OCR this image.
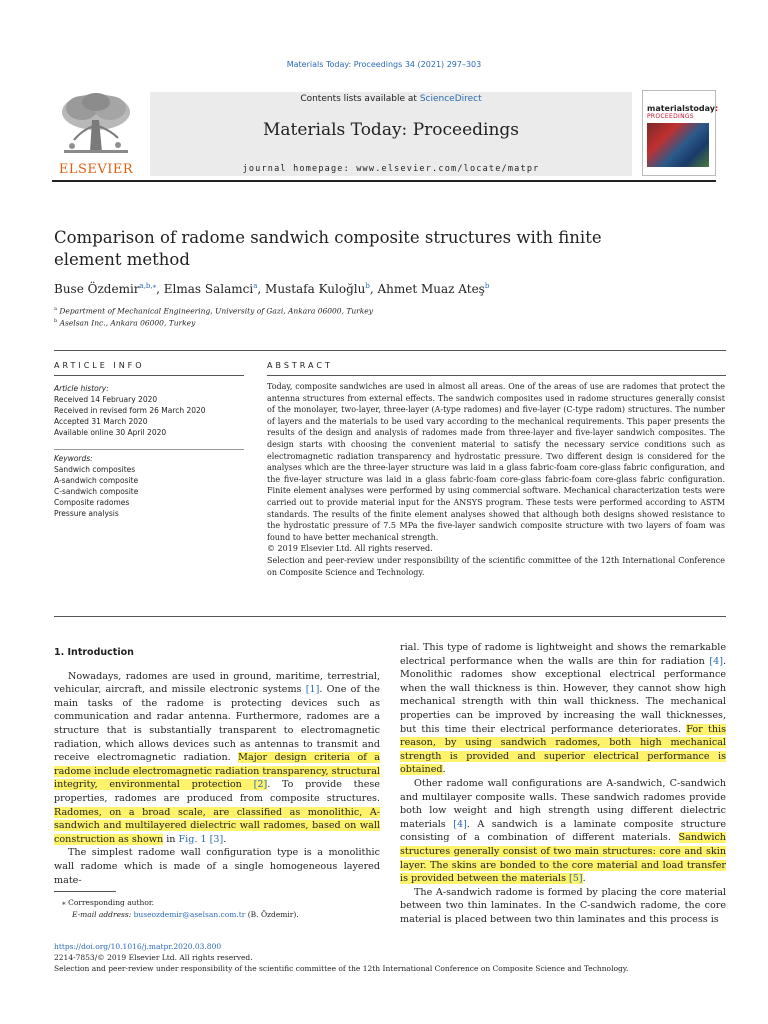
Materials Today: Proceedings 34 (2021) 297–303
ELSEVIER
Contents lists available at ScienceDirect
Materials Today: Proceedings
journal homepage: www.elsevier.com/locate/matpr
materialstoday:
PROCEEDINGS
Comparison of radome sandwich composite structures with finite element method
Buse Özdemir$^{a,b,⁎}$, Elmas Salamci$^a$, Mustafa Kuloğlu$^b$, Ahmet Muaz Ateş$^b$
$^a$ Department of Mechanical Engineering, University of Gazi, Ankara 06000, Turkey
$^b$ Aselsan Inc., Ankara 06000, Turkey
ARTICLE INFO	ABSTRACT
Article history:
Received 14 February 2020
Received in revised form 26 March 2020
Accepted 31 March 2020
Available online 30 April 2020
Keywords:
Sandwich composites
A-sandwich composite
C-sandwich composite
Composite radomes
Pressure analysis

Today, composite sandwiches are used in almost all areas. One of the areas of use are radomes that protect the antenna structures from external effects. The sandwich composites used in radome structures generally consist of the monolayer, two-layer, three-layer (A-type radomes) and five-layer (C-type radom) structures. The number of layers and the materials to be used vary according to the mechanical requirements. This paper presents the results of the design and analysis of radomes made from three-layer and five-layer sandwich composites. The design starts with choosing the convenient material to satisfy the necessary service conditions such as electromagnetic radiation transparency and hydrostatic pressure. Two different design is considered for the analyses which are the three-layer structure was laid in a glass fabric-foam core-glass fabric configuration, and the five-layer structure was laid in a glass fabric-foam core-glass fabric-foam core-glass fabric configuration. Finite element analyses were performed by using commercial software. Mechanical characterization tests were carried out to provide material input for the ANSYS program. These tests were performed according to ASTM standards. The results of the finite element analyses showed that although both designs showed resistance to the hydrostatic pressure of 7.5 MPa the five-layer sandwich composite structure with two layers of foam was found to have better mechanical strength.

© 2019 Elsevier Ltd. All rights reserved.

Selection and peer-review under responsibility of the scientific committee of the 12th International Conference on Composite Science and Technology.

1. Introduction

Nowadays, radomes are used in ground, maritime, terrestrial, vehicular, aircraft, and missile electronic systems [1]. One of the main tasks of the radome is protecting devices such as communication and radar antenna. Furthermore, radomes are a structure that is substantially transparent to electromagnetic radiation, which allows devices such as antennas to transmit and receive electromagnetic radiation. Major design criteria of a radome include electromagnetic radiation transparency, structural integrity, environmental protection [2]. To provide these properties, radomes are produced from composite structures. Radomes, on a broad scale, are classified as monolithic, A-sandwich and multilayered dielectric wall radomes, based on wall construction as shown in Fig. 1 [3].

The simplest radome wall configuration type is a monolithic wall radome which is made of a single homogeneous layered mate-

rial. This type of radome is lightweight and shows the remarkable electrical performance when the walls are thin for radiation [4]. Monolithic radomes show exceptional electrical performance when the wall thickness is thin. However, they cannot show high mechanical strength with thin wall thickness. The mechanical properties can be improved by increasing the wall thicknesses, but this time their electrical performance deteriorates. For this reason, by using sandwich radomes, both high mechanical strength is provided and superior electrical performance is obtained.

Other radome wall configurations are A-sandwich, C-sandwich and multilayer composite walls. These sandwich radomes provide both low weight and high strength using different dielectric materials [4]. A sandwich is a laminate composite structure consisting of a combination of different materials. Sandwich structures generally consist of two main structures: core and skin layer. The skins are bonded to the core material and load transfer is provided between the materials [5].

The A-sandwich radome is formed by placing the core material between two thin laminates. In the C-sandwich radome, the core material is placed between two thin laminates and this process is

⁎ Corresponding author.
E-mail address: buseozdemir@aselsan.com.tr (B. Özdemir).
https://doi.org/10.1016/j.matpr.2020.03.800
2214-7853/© 2019 Elsevier Ltd. All rights reserved.
Selection and peer-review under responsibility of the scientific committee of the 12th International Conference on Composite Science and Technology.
